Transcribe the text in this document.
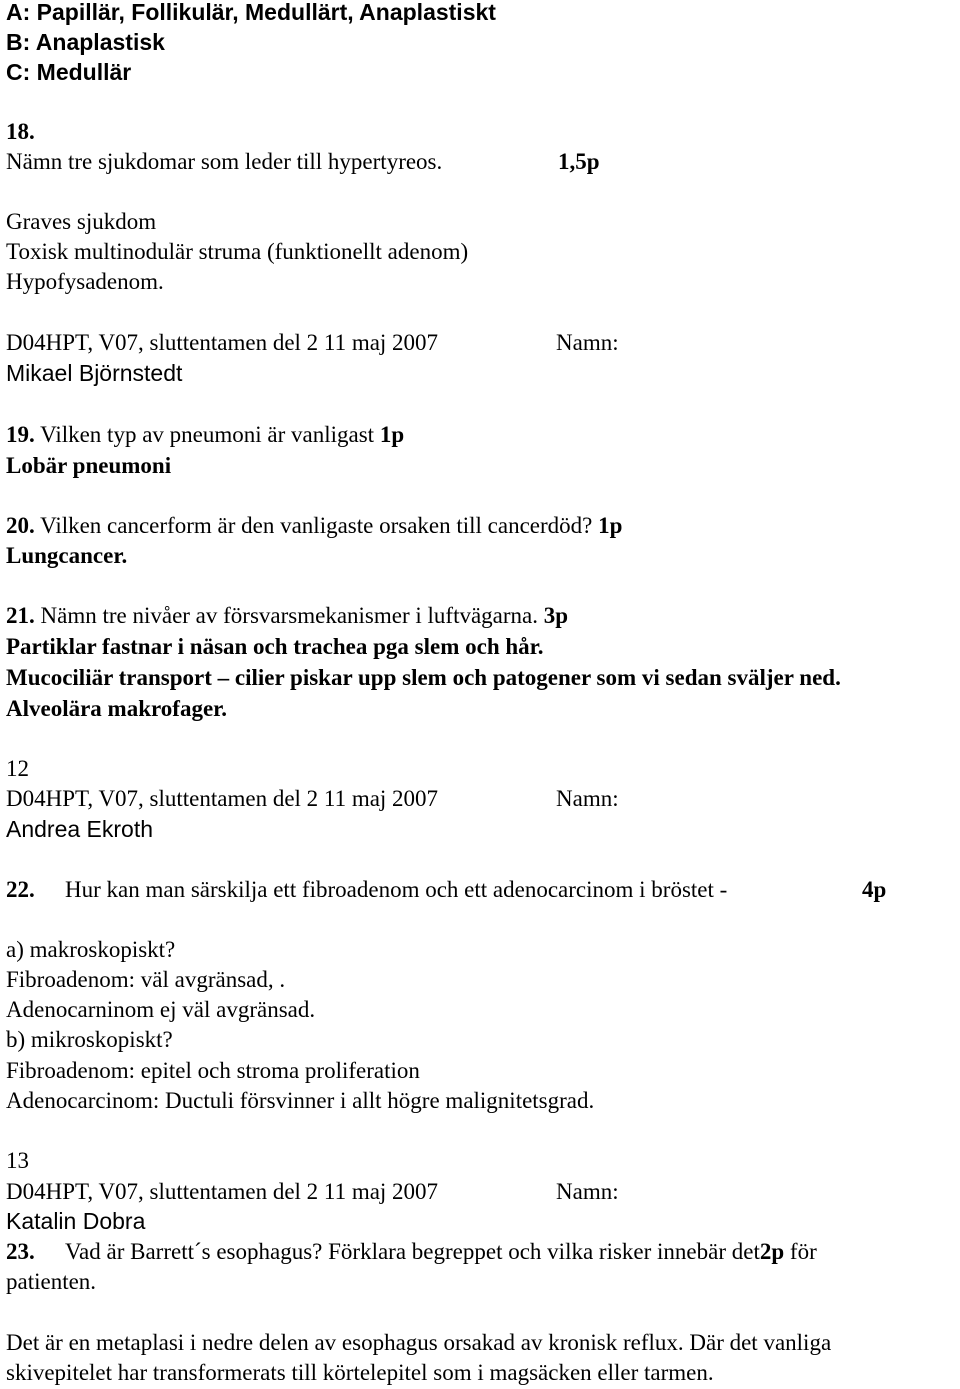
A: Papillär, Follikulär, Medullärt, Anaplastiskt
B: Anaplastisk
C: Medullär
18.
Nämn tre sjukdomar som leder till hypertyreos.	1,5p
Graves sjukdom
Toxisk multinodulär struma (funktionellt adenom)
Hypofysadenom.
D04HPT, V07, sluttentamen del 2 11 maj 2007	Namn:
Mikael Björnstedt
19. Vilken typ av pneumoni är vanligast 1p
Lobär pneumoni
20. Vilken cancerform är den vanligaste orsaken till cancerdöd? 1p
Lungcancer.
21. Nämn tre nivåer av försvarsmekanismer i luftvägarna. 3p
Partiklar fastnar i näsan och trachea pga slem och hår.
Mucociliär transport – cilier piskar upp slem och patogener som vi sedan sväljer ned.
Alveolära makrofager.
12
D04HPT, V07, sluttentamen del 2 11 maj 2007	Namn:
Andrea Ekroth
22. Hur kan man särskilja ett fibroadenom och ett adenocarcinom i bröstet -	4p
a) makroskopiskt?
Fibroadenom: väl avgränsad, .
Adenocarninom ej väl avgränsad.
b) mikroskopiskt?
Fibroadenom: epitel och stroma proliferation
Adenocarcinom: Ductuli försvinner i allt högre malignitetsgrad.
13
D04HPT, V07, sluttentamen del 2 11 maj 2007	Namn:
Katalin Dobra
23. Vad är Barrett´s esophagus? Förklara begreppet och vilka risker innebär det2p för
patienten.
Det är en metaplasi i nedre delen av esophagus orsakad av kronisk reflux. Där det vanliga
skivepitelet har transformerats till körtelepitel som i magsäcken eller tarmen.
